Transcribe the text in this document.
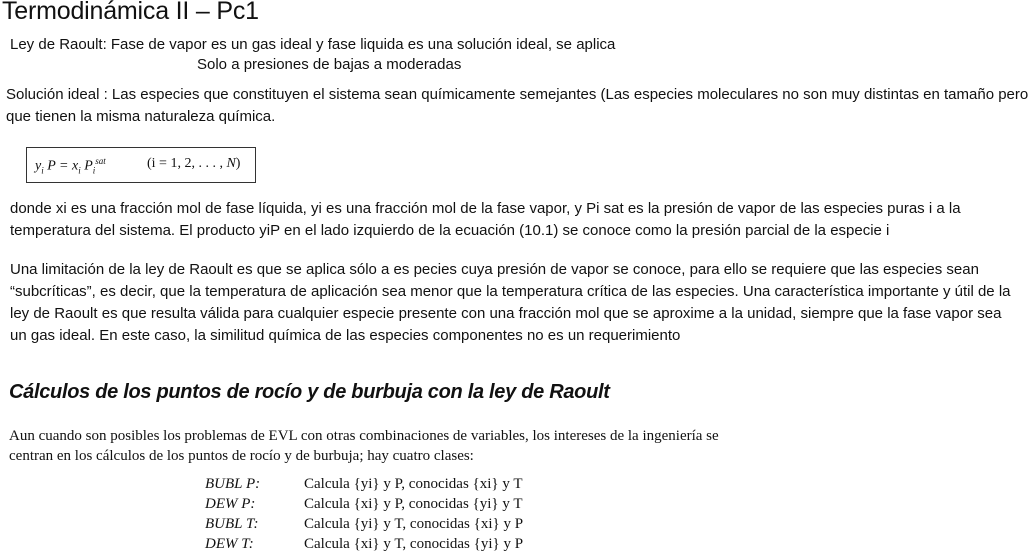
Termodinámica II – Pc1
Ley de Raoult: Fase de vapor es un gas ideal y fase liquida es una solución ideal, se aplica
Solo a presiones de bajas a moderadas
Solución ideal : Las especies que constituyen el sistema sean químicamente semejantes (Las especies moleculares no son muy distintas en tamaño pero que tienen la misma naturaleza química.
$y_i$ $P = x_i$ $P_i^{sat}$	(i = 1, 2, . . . , N)
donde xi es una fracción mol de fase líquida, yi es una fracción mol de la fase vapor, y Pi sat es la presión de vapor de las especies puras i a la temperatura del sistema. El producto yiP en el lado izquierdo de la ecuación (10.1) se conoce como la presión parcial de la especie i
Una limitación de la ley de Raoult es que se aplica sólo a es pecies cuya presión de vapor se conoce, para ello se requiere que las especies sean “subcríticas”, es decir, que la temperatura de aplicación sea menor que la temperatura crítica de las especies. Una característica importante y útil de la ley de Raoult es que resulta válida para cualquier especie presente con una fracción mol que se aproxime a la unidad, siempre que la fase vapor sea un gas ideal. En este caso, la similitud química de las especies componentes no es un requerimiento
Cálculos de los puntos de rocío y de burbuja con la ley de Raoult
Aun cuando son posibles los problemas de EVL con otras combinaciones de variables, los intereses de la ingeniería se centran en los cálculos de los puntos de rocío y de burbuja; hay cuatro clases:
BUBL P:	Calcula {yi} y P, conocidas {xi} y T
DEW P:	Calcula {xi} y P, conocidas {yi} y T
BUBL T:	Calcula {yi} y T, conocidas {xi} y P
DEW T:	Calcula {xi} y T, conocidas {yi} y P
